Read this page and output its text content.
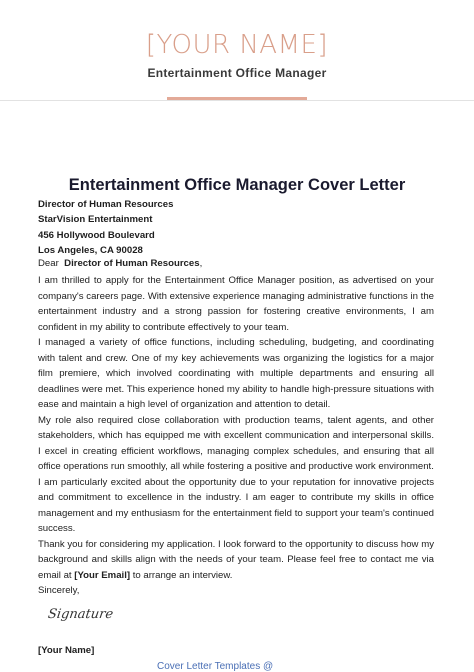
[YOUR NAME]
Entertainment Office Manager
Entertainment Office Manager Cover Letter
Director of Human Resources
StarVision Entertainment
456 Hollywood Boulevard
Los Angeles, CA 90028
Dear Director of Human Resources,

I am thrilled to apply for the Entertainment Office Manager position, as advertised on your company's careers page. With extensive experience managing administrative functions in the entertainment industry and a strong passion for fostering creative environments, I am confident in my ability to contribute effectively to your team.

I managed a variety of office functions, including scheduling, budgeting, and coordinating with talent and crew. One of my key achievements was organizing the logistics for a major film premiere, which involved coordinating with multiple departments and ensuring all deadlines were met. This experience honed my ability to handle high-pressure situations with ease and maintain a high level of organization and attention to detail.

My role also required close collaboration with production teams, talent agents, and other stakeholders, which has equipped me with excellent communication and interpersonal skills. I excel in creating efficient workflows, managing complex schedules, and ensuring that all office operations run smoothly, all while fostering a positive and productive work environment.

I am particularly excited about the opportunity due to your reputation for innovative projects and commitment to excellence in the industry. I am eager to contribute my skills in office management and my enthusiasm for the entertainment field to support your team's continued success.

Thank you for considering my application. I look forward to the opportunity to discuss how my background and skills align with the needs of your team. Please feel free to contact me via email at [Your Email] to arrange an interview.

Sincerely,

Signature
[Your Name]
Cover Letter Templates @
